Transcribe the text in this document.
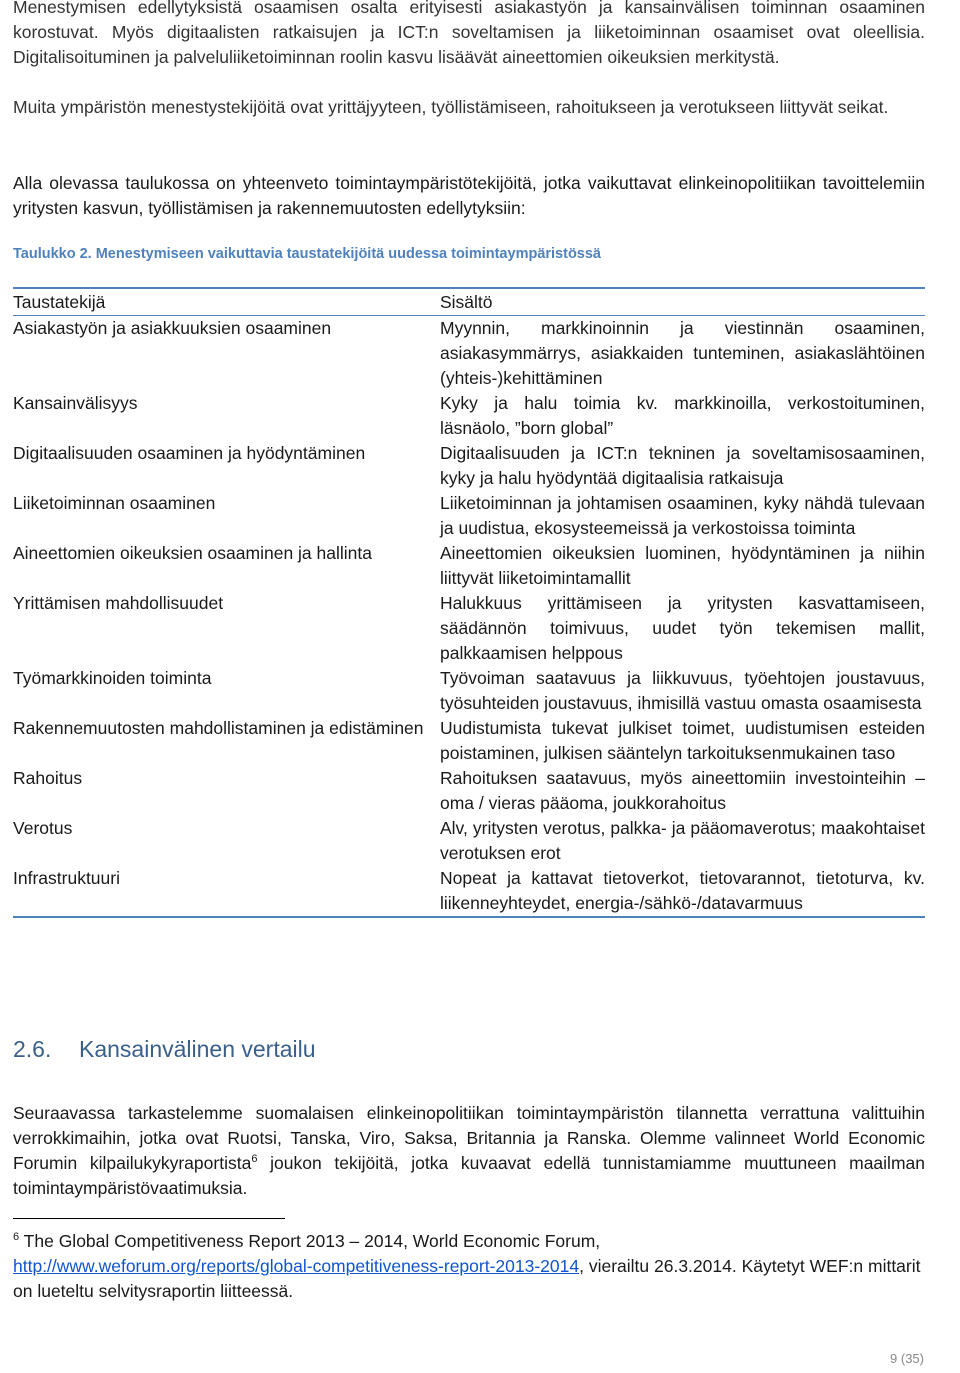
Menestymisen edellytyksistä osaamisen osalta erityisesti asiakastyön ja kansainvälisen toiminnan osaaminen korostuvat. Myös digitaalisten ratkaisujen ja ICT:n soveltamisen ja liiketoiminnan osaamiset ovat oleellisia. Digitalisoituminen ja palveluliiketoiminnan roolin kasvu lisäävät aineettomien oikeuksien merkitystä.

Muita ympäristön menestystekijöitä ovat yrittäjyyteen, työllistämiseen, rahoitukseen ja verotukseen liittyvät seikat.

Alla olevassa taulukossa on yhteenveto toimintaympäristötekijöitä, jotka vaikuttavat elinkeinopolitiikan tavoittelemiin yritysten kasvun, työllistämisen ja rakennemuutosten edellytyksiin:

Taulukko 2. Menestymiseen vaikuttavia taustatekijöitä uudessa toimintaympäristössä

Taustatekijä	Sisältö
Asiakastyön ja asiakkuuksien osaaminen	Myynnin, markkinoinnin ja viestinnän osaaminen, asiakasymmärrys, asiakkaiden tunteminen, asiakaslähtöinen (yhteis-)kehittäminen
Kansainvälisyys	Kyky ja halu toimia kv. markkinoilla, verkostoituminen, läsnäolo, ”born global”
Digitaalisuuden osaaminen ja hyödyntäminen	Digitaalisuuden ja ICT:n tekninen ja soveltamisosaaminen, kyky ja halu hyödyntää digitaalisia ratkaisuja
Liiketoiminnan osaaminen	Liiketoiminnan ja johtamisen osaaminen, kyky nähdä tulevaan ja uudistua, ekosysteemeissä ja verkostoissa toiminta
Aineettomien oikeuksien osaaminen ja hallinta	Aineettomien oikeuksien luominen, hyödyntäminen ja niihin liittyvät liiketoimintamallit
Yrittämisen mahdollisuudet	Halukkuus yrittämiseen ja yritysten kasvattamiseen, säädännön toimivuus, uudet työn tekemisen mallit, palkkaamisen helppous
Työmarkkinoiden toiminta	Työvoiman saatavuus ja liikkuvuus, työehtojen joustavuus, työsuhteiden joustavuus, ihmisillä vastuu omasta osaamisesta
Rakennemuutosten mahdollistaminen ja edistäminen	Uudistumista tukevat julkiset toimet, uudistumisen esteiden poistaminen, julkisen sääntelyn tarkoituksenmukainen taso
Rahoitus	Rahoituksen saatavuus, myös aineettomiin investointeihin – oma / vieras pääoma, joukkorahoitus
Verotus	Alv, yritysten verotus, palkka- ja pääomaverotus; maakohtaiset verotuksen erot
Infrastruktuuri	Nopeat ja kattavat tietoverkot, tietovarannot, tietoturva, kv. liikenneyhteydet, energia-/sähkö-/datavarmuus
2.6. Kansainvälinen vertailu

Seuraavassa tarkastelemme suomalaisen elinkeinopolitiikan toimintaympäristön tilannetta verrattuna valittuihin verrokkimaihin, jotka ovat Ruotsi, Tanska, Viro, Saksa, Britannia ja Ranska. Olemme valinneet World Economic Forumin kilpailukykyraportista$^6$ joukon tekijöitä, jotka kuvaavat edellä tunnistamiamme muuttuneen maailman toimintaympäristövaatimuksia.

$^6$ The Global Competitiveness Report 2013 – 2014, World Economic Forum,
http://www.weforum.org/reports/global-competitiveness-report-2013-2014, vierailtu 26.3.2014. Käytetyt WEF:n mittarit on lueteltu selvitysraportin liitteessä.

9 (35)
